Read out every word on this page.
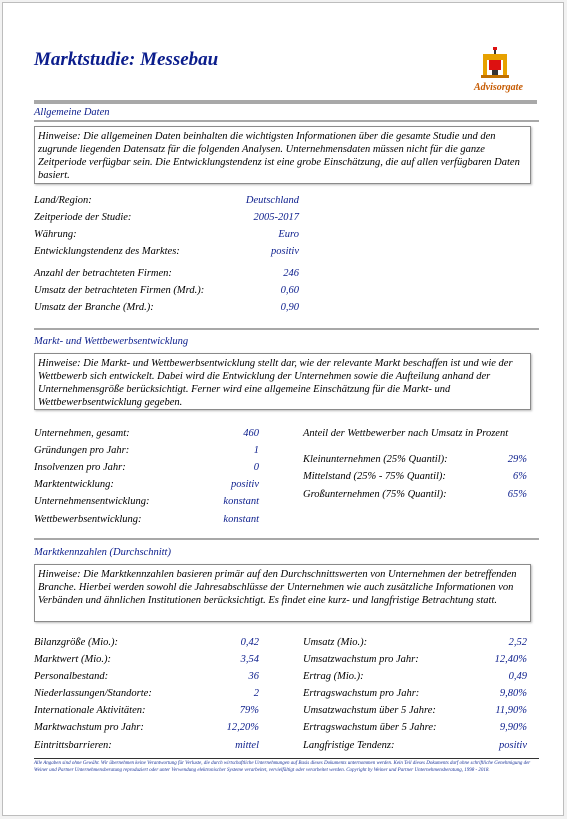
Marktstudie: Messebau
Advisorgate
Allgemeine Daten
Hinweise: Die allgemeinen Daten beinhalten die wichtigsten Informationen über die gesamte Studie und den zugrunde liegenden Datensatz für die folgenden Analysen. Unternehmensdaten müssen nicht für die ganze Zeitperiode verfügbar sein. Die Entwicklungstendenz ist eine grobe Einschätzung, die auf allen verfügbaren Daten basiert.
Land/Region:	Deutschland
Zeitperiode der Studie:	2005-2017
Währung:	Euro
Entwicklungstendenz des Marktes:	positiv
Anzahl der betrachteten Firmen:	246
Umsatz der betrachteten Firmen (Mrd.):	0,60
Umsatz der Branche (Mrd.):	0,90
Markt- und Wettbewerbsentwicklung
Hinweise: Die Markt- und Wettbewerbsentwicklung stellt dar, wie der relevante Markt beschaffen ist und wie der Wettbewerb sich entwickelt. Dabei wird die Entwicklung der Unternehmen sowie die Aufteilung anhand der Unternehmensgröße berücksichtigt. Ferner wird eine allgemeine Einschätzung für die Markt- und Wettbewerbsentwicklung gegeben.
Unternehmen, gesamt:	460
Gründungen pro Jahr:	1
Insolvenzen pro Jahr:	0
Marktentwicklung:	positiv
Unternehmensentwicklung:	konstant
Wettbewerbsentwicklung:	konstant
Anteil der Wettbewerber nach Umsatz in Prozent
Kleinunternehmen (25% Quantil):	29%
Mittelstand (25% - 75% Quantil):	6%
Großunternehmen (75% Quantil):	65%
Marktkennzahlen (Durchschnitt)
Hinweise: Die Marktkennzahlen basieren primär auf den Durchschnittswerten von Unternehmen der betreffenden Branche. Hierbei werden sowohl die Jahresabschlüsse der Unternehmen wie auch zusätzliche Informationen von Verbänden und ähnlichen Institutionen berücksichtigt. Es findet eine kurz- und langfristige Betrachtung statt.
Bilanzgröße (Mio.):	0,42
Marktwert (Mio.):	3,54
Personalbestand:	36
Niederlassungen/Standorte:	2
Internationale Aktivitäten:	79%
Marktwachstum pro Jahr:	12,20%
Eintrittsbarrieren:	mittel
Umsatz (Mio.):	2,52
Umsatzwachstum pro Jahr:	12,40%
Ertrag (Mio.):	0,49
Ertragswachstum pro Jahr:	9,80%
Umsatzwachstum über 5 Jahre:	11,90%
Ertragswachstum über 5 Jahre:	9,90%
Langfristige Tendenz:	positiv
Alle Angaben sind ohne Gewähr. Wir übernehmen keine Verantwortung für Verluste, die durch wirtschaftliche Unternehmungen auf Basis dieses Dokuments unternommen werden. Kein Teil dieses Dokuments darf ohne schriftliche Genehmigung der Weiner und Partner Unternehmensberatung reproduziert oder unter Verwendung elektronischer Systeme verarbeitet, vervielfältigt oder verarbeitet werden. Copyright by Weiner und Partner Unternehmensberatung, 1998 - 2018.
